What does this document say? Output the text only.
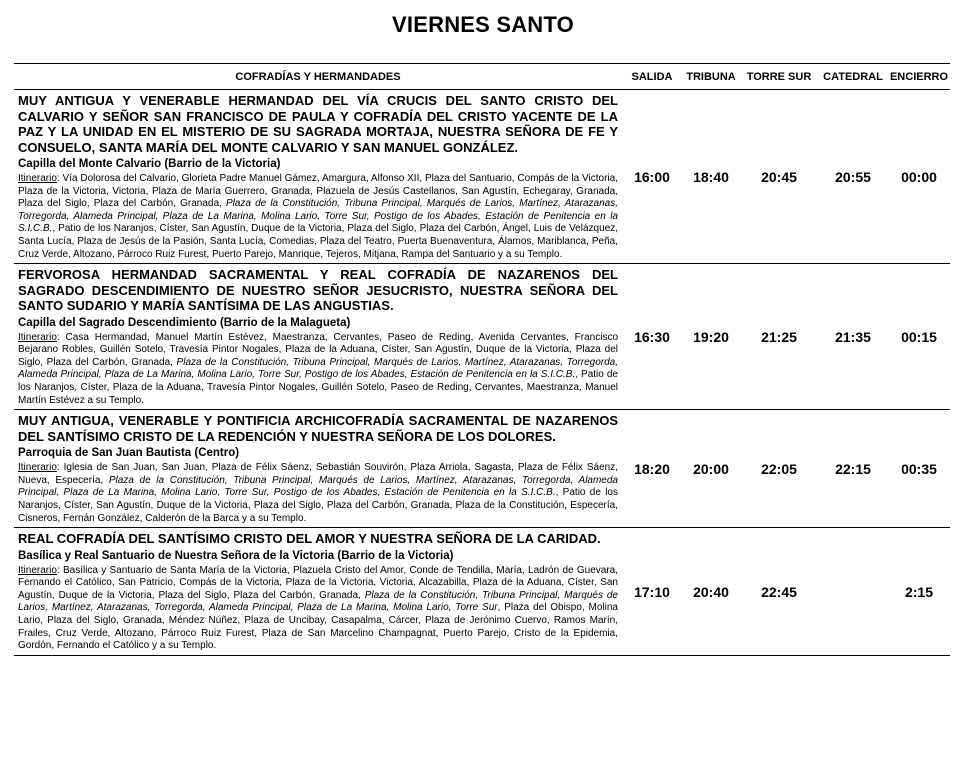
VIERNES SANTO
COFRADÍAS Y HERMANDADES	SALIDA	TRIBUNA	TORRE SUR	CATEDRAL	ENCIERRO

MUY ANTIGUA Y VENERABLE HERMANDAD DEL VÍA CRUCIS DEL SANTO CRISTO DEL CALVARIO Y SEÑOR SAN FRANCISCO DE PAULA Y COFRADÍA DEL CRISTO YACENTE DE LA PAZ Y LA UNIDAD EN EL MISTERIO DE SU SAGRADA MORTAJA, NUESTRA SEÑORA DE FE Y CONSUELO, SANTA MARÍA DEL MONTE CALVARIO Y SAN MANUEL GONZÁLEZ.
Capilla del Monte Calvario (Barrio de la Victoria)
Itinerario: Vía Dolorosa del Calvario, Glorieta Padre Manuel Gámez, Amargura, Alfonso XII, Plaza del Santuario, Compás de la Victoria, Plaza de la Victoria, Victoria, Plaza de María Guerrero, Granada, Plazuela de Jesús Castellanos, San Agustín, Echegaray, Granada, Plaza del Siglo, Plaza del Carbón, Granada, Plaza de la Constitución, Tribuna Principal, Marqués de Larios, Martínez, Atarazanas, Torregorda, Alameda Principal, Plaza de La Marina, Molina Lario, Torre Sur, Postigo de los Abades, Estación de Penitencia en la S.I.C.B., Patio de los Naranjos, Císter, San Agustín, Duque de la Victoria, Plaza del Siglo, Plaza del Carbón, Ángel, Luis de Velázquez, Santa Lucía, Plaza de Jesús de la Pasión, Santa Lucía, Comedias, Plaza del Teatro, Puerta Buenaventura, Álamos, Mariblanca, Peña, Cruz Verde, Altozano, Párroco Ruiz Furest, Puerto Parejo, Manrique, Tejeros, Mitjana, Rampa del Santuario y a su Templo.	16:00	18:40	20:45	20:55	00:00

FERVOROSA HERMANDAD SACRAMENTAL Y REAL COFRADÍA DE NAZARENOS DEL SAGRADO DESCENDIMIENTO DE NUESTRO SEÑOR JESUCRISTO, NUESTRA SEÑORA DEL SANTO SUDARIO Y MARÍA SANTÍSIMA DE LAS ANGUSTIAS.
Capilla del Sagrado Descendimiento (Barrio de la Malagueta)
Itinerario: Casa Hermandad, Manuel Martín Estévez, Maestranza, Cervantes, Paseo de Reding, Avenida Cervantes, Francisco Bejarano Robles, Guillén Sotelo, Travesía Pintor Nogales, Plaza de la Aduana, Císter, San Agustín, Duque de la Victoria, Plaza del Siglo, Plaza del Carbón, Granada, Plaza de la Constitución, Tribuna Principal, Marqués de Larios, Martínez, Atarazanas, Torregorda, Alameda Principal, Plaza de La Marina, Molina Lario, Torre Sur, Postigo de los Abades, Estación de Penitencia en la S.I.C.B., Patio de los Naranjos, Císter, Plaza de la Aduana, Travesía Pintor Nogales, Guillén Sotelo, Paseo de Reding, Cervantes, Maestranza, Manuel Martín Estévez a su Templo.	16:30	19:20	21:25	21:35	00:15

MUY ANTIGUA, VENERABLE Y PONTIFICIA ARCHICOFRADÍA SACRAMENTAL DE NAZARENOS DEL SANTÍSIMO CRISTO DE LA REDENCIÓN Y NUESTRA SEÑORA DE LOS DOLORES.
Parroquia de San Juan Bautista (Centro)
Itinerario: Iglesia de San Juan, San Juan, Plaza de Félix Sáenz, Sebastián Souvirón, Plaza Arriola, Sagasta, Plaza de Félix Sáenz, Nueva, Especería, Plaza de la Constitución, Tribuna Principal, Marqués de Larios, Martínez, Atarazanas, Torregorda, Alameda Principal, Plaza de La Marina, Molina Lario, Torre Sur, Postigo de los Abades, Estación de Penitencia en la S.I.C.B., Patio de los Naranjos, Císter, San Agustín, Duque de la Victoria, Plaza del Siglo, Plaza del Carbón, Granada, Plaza de la Constitución, Especería, Cisneros, Fernán González, Calderón de la Barca y a su Templo.	18:20	20:00	22:05	22:15	00:35

REAL COFRADÍA DEL SANTÍSIMO CRISTO DEL AMOR Y NUESTRA SEÑORA DE LA CARIDAD.
Basílica y Real Santuario de Nuestra Señora de la Victoria (Barrio de la Victoria)
Itinerario: Basílica y Santuario de Santa María de la Victoria, Plazuela Cristo del Amor, Conde de Tendilla, María, Ladrón de Guevara, Fernando el Católico, San Patricio, Compás de la Victoria, Plaza de la Victoria, Victoria, Alcazabilla, Plaza de la Aduana, Císter, San Agustín, Duque de la Victoria, Plaza del Siglo, Plaza del Carbón, Granada, Plaza de la Constitución, Tribuna Principal, Marqués de Larios, Martínez, Atarazanas, Torregorda, Alameda Principal, Plaza de La Marina, Molina Lario, Torre Sur, Plaza del Obispo, Molina Lario, Plaza del Siglo, Granada, Méndez Núñez, Plaza de Uncibay, Casapalma, Cárcer, Plaza de Jerónimo Cuervo, Ramos Marín, Frailes, Cruz Verde, Altozano, Párroco Ruiz Furest, Plaza de San Marcelino Champagnat, Puerto Parejo, Cristo de la Epidemia, Gordón, Fernando el Católico y a su Templo.	17:10	20:40	22:45		2:15
